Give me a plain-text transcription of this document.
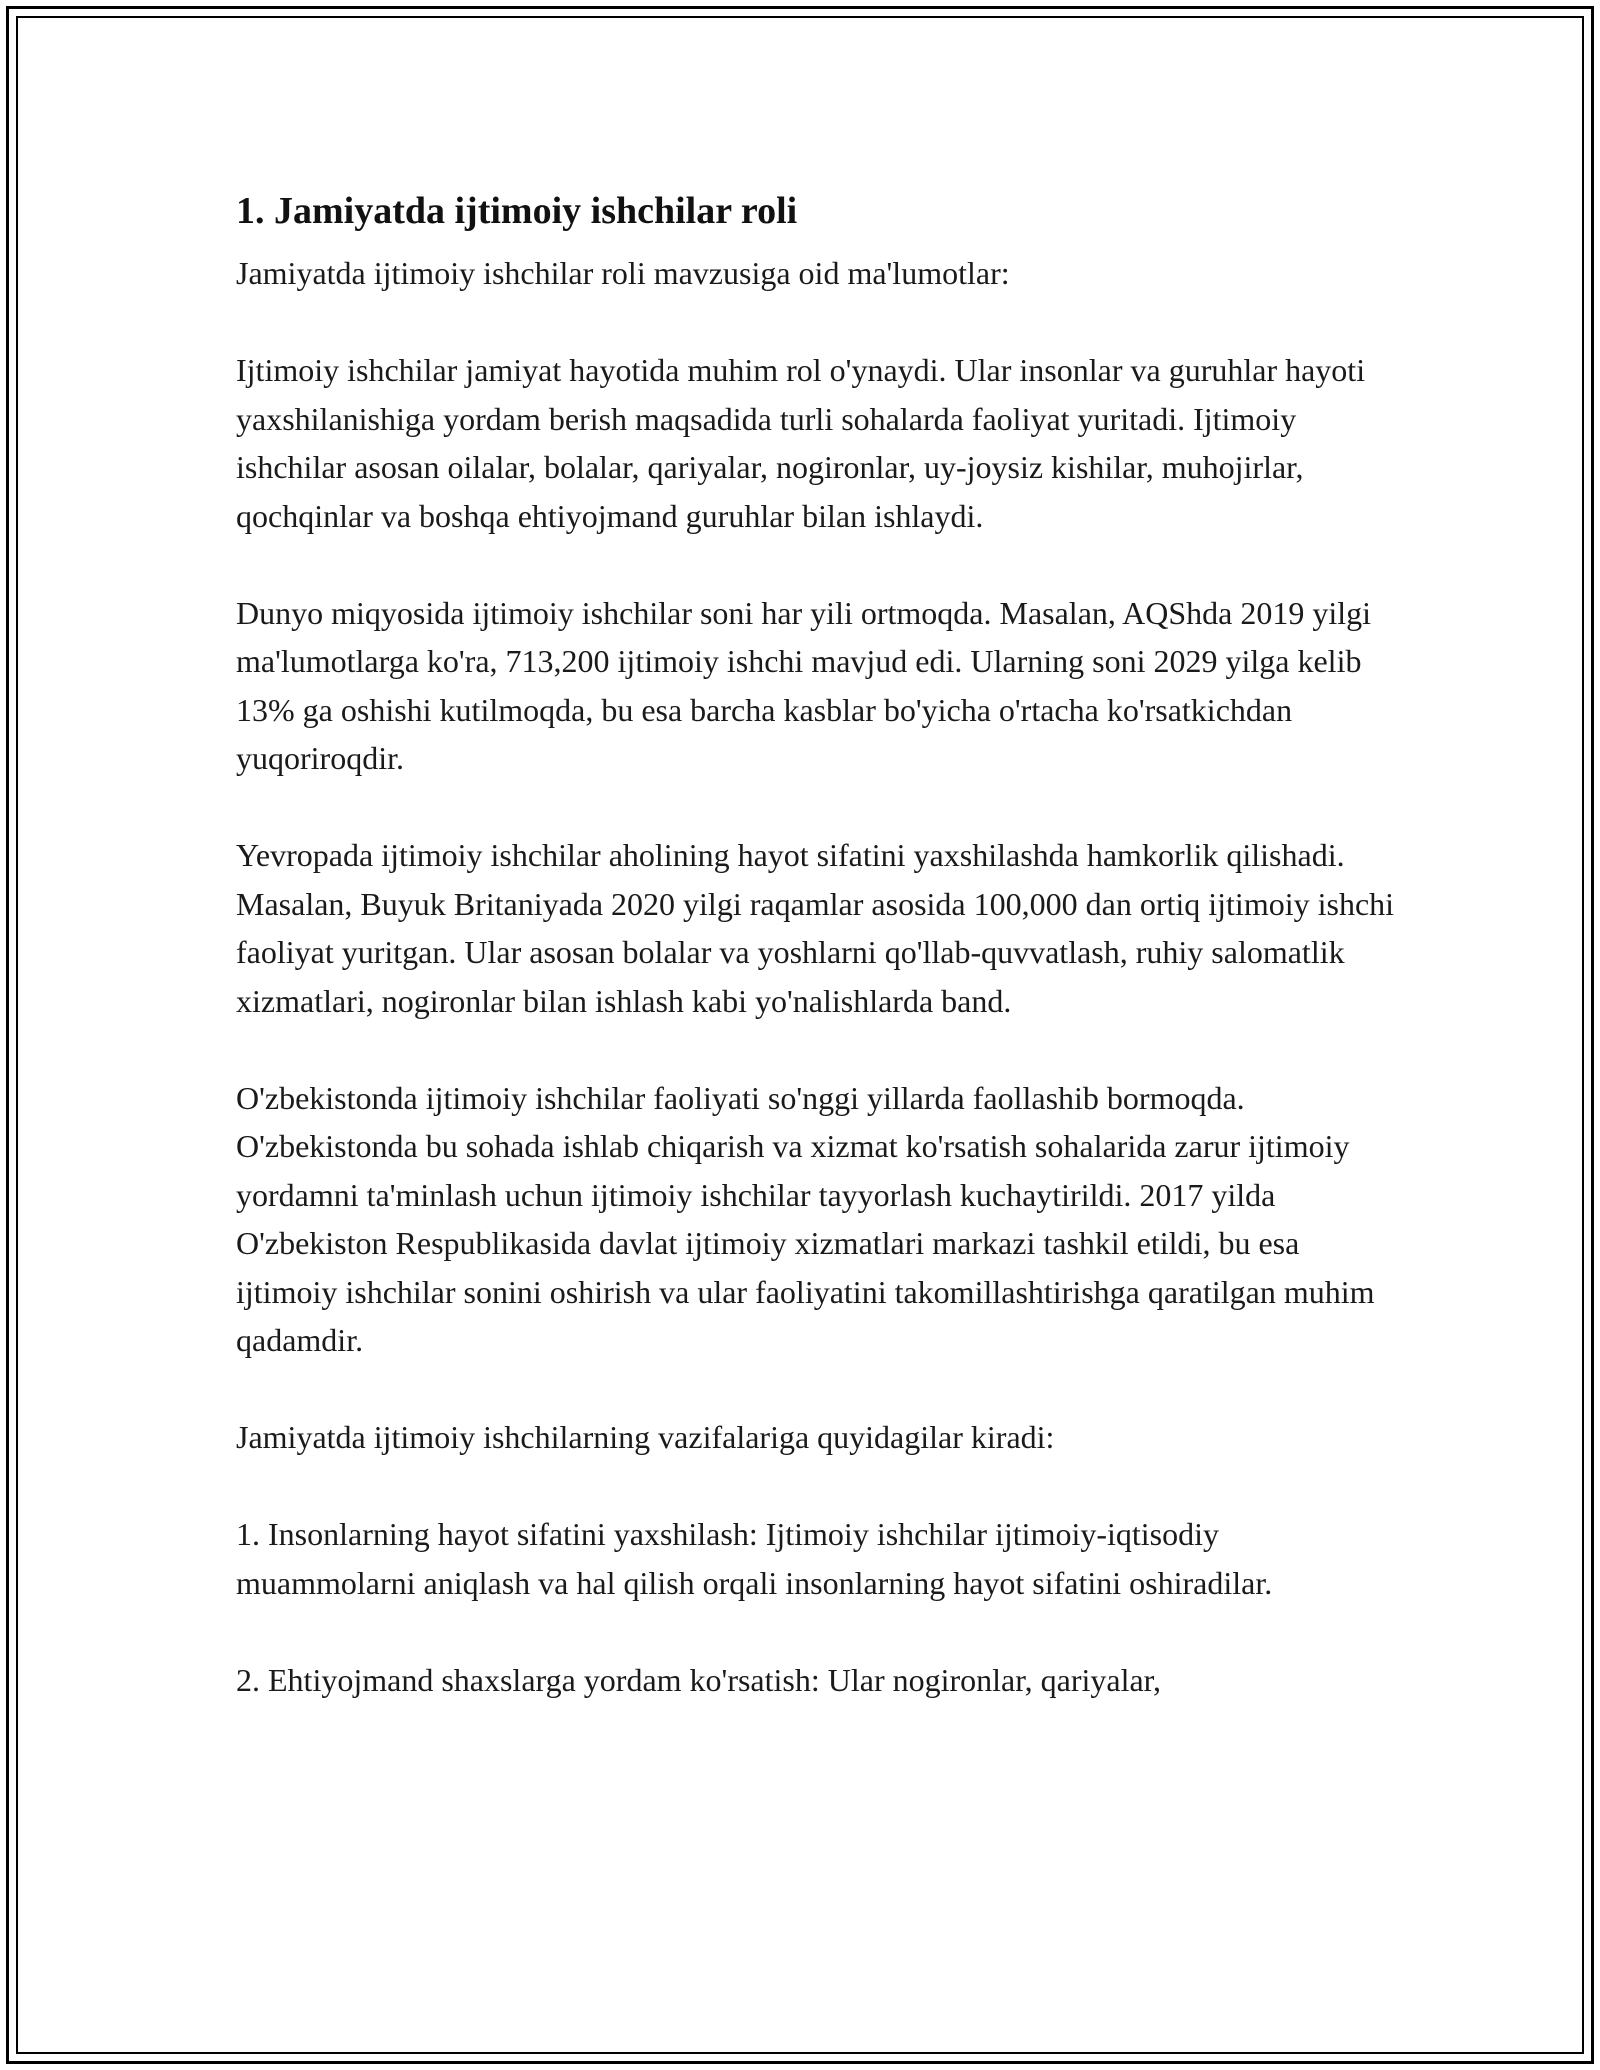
1. Jamiyatda ijtimoiy ishchilar roli

Jamiyatda ijtimoiy ishchilar roli mavzusiga oid ma'lumotlar:

Ijtimoiy ishchilar jamiyat hayotida muhim rol o'ynaydi. Ular insonlar va guruhlar hayoti yaxshilanishiga yordam berish maqsadida turli sohalarda faoliyat yuritadi. Ijtimoiy ishchilar asosan oilalar, bolalar, qariyalar, nogironlar, uy-joysiz kishilar, muhojirlar, qochqinlar va boshqa ehtiyojmand guruhlar bilan ishlaydi.

Dunyo miqyosida ijtimoiy ishchilar soni har yili ortmoqda. Masalan, AQShda 2019 yilgi ma'lumotlarga ko'ra, 713,200 ijtimoiy ishchi mavjud edi. Ularning soni 2029 yilga kelib 13% ga oshishi kutilmoqda, bu esa barcha kasblar bo'yicha o'rtacha ko'rsatkichdan yuqoriroqdir.

Yevropada ijtimoiy ishchilar aholining hayot sifatini yaxshilashda hamkorlik qilishadi. Masalan, Buyuk Britaniyada 2020 yilgi raqamlar asosida 100,000 dan ortiq ijtimoiy ishchi faoliyat yuritgan. Ular asosan bolalar va yoshlarni qo'llab-quvvatlash, ruhiy salomatlik xizmatlari, nogironlar bilan ishlash kabi yo'nalishlarda band.

O'zbekistonda ijtimoiy ishchilar faoliyati so'nggi yillarda faollashib bormoqda. O'zbekistonda bu sohada ishlab chiqarish va xizmat ko'rsatish sohalarida zarur ijtimoiy yordamni ta'minlash uchun ijtimoiy ishchilar tayyorlash kuchaytirildi. 2017 yilda O'zbekiston Respublikasida davlat ijtimoiy xizmatlari markazi tashkil etildi, bu esa ijtimoiy ishchilar sonini oshirish va ular faoliyatini takomillashtirishga qaratilgan muhim qadamdir.

Jamiyatda ijtimoiy ishchilarning vazifalariga quyidagilar kiradi:

1. Insonlarning hayot sifatini yaxshilash: Ijtimoiy ishchilar ijtimoiy-iqtisodiy muammolarni aniqlash va hal qilish orqali insonlarning hayot sifatini oshiradilar.

2. Ehtiyojmand shaxslarga yordam ko'rsatish: Ular nogironlar, qariyalar,
